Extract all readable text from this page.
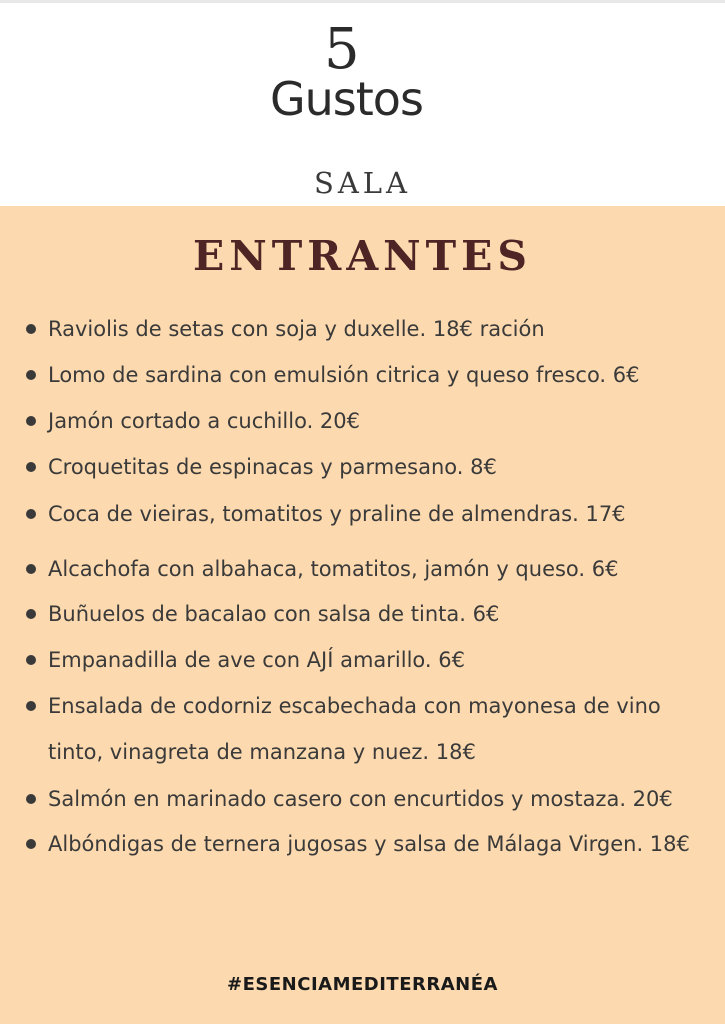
5
Gustos
SALA
ENTRANTES
Raviolis de setas con soja y duxelle. 18€ ración
Lomo de sardina con emulsión citrica y queso fresco. 6€
Jamón cortado a cuchillo. 20€
Croquetitas de espinacas y parmesano. 8€
Coca de vieiras, tomatitos y praline de almendras. 17€
Alcachofa con albahaca, tomatitos, jamón y queso. 6€
Buñuelos de bacalao con salsa de tinta. 6€
Empanadilla de ave con AJÍ amarillo. 6€
Ensalada de codorniz escabechada con mayonesa de vino tinto, vinagreta de manzana y nuez. 18€
Salmón en marinado casero con encurtidos y mostaza. 20€
Albóndigas de ternera jugosas y salsa de Málaga Virgen. 18€
#ESENCIAMEDITERRANÉA
